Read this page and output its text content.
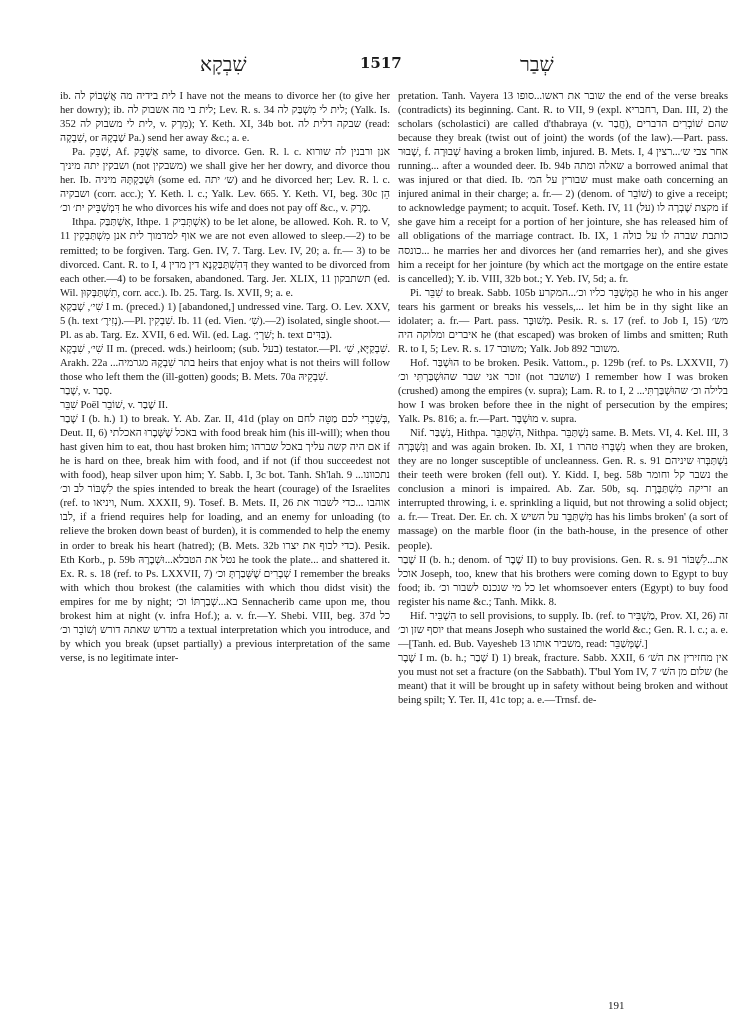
שִׁבְקָא	1517	שְׁבַר

ib. לית בידיה מה אֲשְׁבוֹק לה I have not the means to divorce her (to give her her dowry); ib. לית בי מה אשבוק לה; Lev. R. s. 34 לית לי מִשְׁבַּק לה; (Yalk. Is. 352 לית לי משבוק לה, v. מִרְק); Y. Keth. XI, 34b bot. שבקה דלית לה (read: שִׁבְקָה, or שַׁבְקָהּ Pa.) send her away &c.; a. e.

Pa. שַׁבֵּק, Af. אַשְׁבֵּק same, to divorce. Gen. R. l. c. אנן ורבנין לה שורוא ושבקין יתה מיניך (not משבקין) we shall give her her dowry, and divorce thou her. Ib. וּשְׁבַקְתָּהּ מיניה (some ed. ש׳ יתה) and he divorced her; Lev. R. l. c. ושבקיה (corr. acc.); Y. Keth. l. c.; Yalk. Lev. 665. Y. Keth. VI, beg. 30c הֵן דִּמְשַׁבֵּיק ית׳ וכ׳ he who divorces his wife and does not pay off &c., v. מֶרֶק.

Ithpa. אִשְׁתַּבַּק, Ithpe. אִשְׁתְּבִיק 1) to be let alone, be allowed. Koh. R. to V, 11 אוף למדמוך לית אנן מִשְׁתַּבְקִין we are not even allowed to sleep.—2) to be remitted; to be forgiven. Targ. Gen. IV, 7. Targ. Lev. IV, 20; a. fr.— 3) to be divorced. Cant. R. to I, 4 דְּהִשְׁתַּבַּקְנָא דין מדין they wanted to be divorced from each other.—4) to be forsaken, abandoned. Targ. Jer. XLIX, 11 תשתבקון (ed. Wil. תִשְׁתַּבְּקוּן, corr. acc.). Ib. 25. Targ. Is. XVII, 9; a. e.

שִׁי׳, שְׁבַקְאָ I m. (preced.) 1) [abandoned,] undressed vine. Targ. O. Lev. XXV, 5 (h. text נְזִירֶ׳).—Pl. שִׁבְקִין. Ib. 11 (ed. Vien. שִׁ׳).—2) isolated, single shoot.— Pl. as ab. Targ. Ez. XVII, 6 ed. Wil. (ed. Lag. שִׁרְיָ׳; h. text בַּדִּים).

שִׁי׳, שִׁבְקָא II m. (preced. wds.) heirloom; (sub. בעל) testator.—Pl. שִׁבְקַיָּא, שִׁ׳. Arakh. 22a ...בתר שִׁבְקָהּ מגרמיה heirs that enjoy what is not theirs will follow those who left them the (ill-gotten) goods; B. Mets. 70a שִׁבְקֵיהּ.

שָׁבַר, v. סָבַר.

שִׁבֵּר Poël שׁוֹבֵר, v. שָׁבַר II.

שָׁבַר I (b. h.) 1) to break. Y. Ab. Zar. II, 41d (play on בְּשִׁבְרִי לכם מַטֵּה לחם, Deut. II, 6) באכל שֶׁשְּׁבָרוּ האכלתי with food break him (his ill-will); when thou hast given him to eat, thou hast broken him; אם היה קשה עליך באכל שברהו if he is hard on thee, break him with food, and if not (if thou succeedest not with food), heap silver upon him; Y. Sabb. I, 3c bot. Tanh. Sh'lah. 9 ...נתכוונו לִשְׁבּוֹר לב וכ׳ the spies intended to break the heart (courage) of the Israelites (ref. to ויניאו, Num. XXXII, 9). Tosef. B. Mets. II, 26 אוהבו ...כדי לשבור את לבו, if a friend requires help for loading, and an enemy for unloading (to relieve the broken down beast of burden), it is commended to help the enemy in order to break his heart (hatred); (B. Mets. 32b כדי לכוף את יצרו). Pesik. Eth Korb., p. 59b נטל את הטבלא...וּשְׁבָרָהּ he took the plate... and shattered it. Ex. R. s. 18 (ref. to Ps. LXXVII, 7) שְׁבָרִים שֶׁשְּׁבַרְתָּ וכ׳ I remember the breaks with which thou brokest (the calamities with which thou didst visit) the empires for me by night; בא...שְׁבַרְתּוֹ וכ׳ Sennacherib came upon me, thou brokest him at night (v. infra Hof.); a. v. fr.—Y. Shebi. VIII, beg. 37d כל מדרש שאתה דורש וְשׁוֹבֵר וכ׳ a textual interpretation which you introduce, and by which you break (upset partially) a previous interpretation of the same verse, is no legitimate inter-

pretation. Tanh. Vayera 13 שובר את ראשו...סופו the end of the verse breaks (contradicts) its beginning. Cant. R. to VII, 9 (expl. רחבריא, Dan. III, 2) the scholars (scholastici) are called d'thabraya (v. חֲבַר), שהם שׁוֹבְרִים הדברים because they break (twist out of joint) the words (of the law).—Part. pass. שָׁבוּר, f. שְׁבוּרָה having a broken limb, injured. B. Mets. I, 4 אחר צבי ש׳...רצין running... after a wounded deer. Ib. 94b שאלה ומתה a borrowed animal that was injured or that died. Ib. שבורין על המ׳ must make oath concerning an injured animal in their charge; a. fr.— 2) (denom. of שׁוֹבֵר) to give a receipt; to acknowledge payment; to acquit. Tosef. Keth. IV, 11 (על) מקצת שָׁבְרָה לו if she gave him a receipt for a portion of her jointure, she has released him of all obligations of the marriage contract. Ib. IX, 1 כותבת שברה לו על כולה ...כונסה he marries her and divorces her (and remarries her), and she gives him a receipt for her jointure (by which act the mortgage on the entire estate is cancelled); Y. ib. VIII, 32b bot.; Y. Yeb. IV, 5d; a. fr.

Pi. שִׁבֵּר to break. Sabb. 105b הַמְשַׁבֵּר כליו וכ׳...המקרע he who in his anger tears his garment or breaks his vessels,... let him be in thy sight like an idolater; a. fr.— Part. pass. מְשׁוּבָּר. Pesik. R. s. 17 (ref. to Job I, 15) מש׳ איברים ומלוקה היה he (that escaped) was broken of limbs and smitten; Ruth R. to I, 5; Lev. R. s. 17 משובר; Yalk. Job 892 משובר.

Hof. הוּשְׁבַּר to be broken. Pesik. Vattom., p. 129b (ref. to Ps. LXXVII, 7) זוכר אני שבר שהוּשְׁבַּרְתִּי וכ׳ (not שושבר) I remember how I was broken (crushed) among the empires (v. supra); Lam. R. to I, 2 ...בלילה וכ׳ שהוּשְׁבַּרְתִּי how I was broken before thee in the night of persecution by the empires; Yalk. Ps. 816; a. fr.—Part. מוּשְׁבָּר v. supra.

Nif. נִשְׁבַּר, Hithpa. הִשְׁתַּבֵּר, Nithpa. נִשְׁתַּבֵּר same. B. Mets. VI, 4. Kel. III, 3 וְנִשְׁבְּרָה and was again broken. Ib. XI, 1 נִשְׁבְּרוּ טהרו when they are broken, they are no longer susceptible of uncleanness. Gen. R. s. 91 נִשְׁתַּבְּרוּ שיניהם their teeth were broken (fell out). Y. Kidd. I, beg. 58b נשבר קל וחומר the conclusion a minori is impaired. Ab. Zar. 50b, sq. זריקה מִשְׁתַּבֶּרֶת an interrupted throwing, i. e. sprinkling a liquid, but not throwing a solid object; a. fr.— Treat. Der. Er. ch. X מִשְׁתַּבֵּר על השיש has his limbs broken' (a sort of massage) on the marble floor (in the bath-house, in the presence of other people).

שָׁבַר II (b. h.; denom. of שֶׁבֶר II) to buy provisions. Gen. R. s. 91 את...לִשְׁבּוֹר אוכל Joseph, too, knew that his brothers were coming down to Egypt to buy food; ib. כל מי שנכנס לשבור וכ׳ let whomsoever enters (Egypt) to buy food register his name &c.; Tanh. Mikk. 8.

Hif. הִשְׁבִּיר to sell provisions, to supply. Ib. (ref. to מַשְׁבִּיר, Prov. XI, 26) זה יוסף שזן וכ׳ that means Joseph who sustained the world &c.; Gen. R. l. c.; a. e.—[Tanh. ed. Bub. Vayesheb 13 משביר אותו, read: שֶׁמְּשַׁבֵּר.]

שֶׁבֶר I m. (b. h.; שָׁבַר I) 1) break, fracture. Sabb. XXII, 6 אין מחזירין את השׁ׳ you must not set a fracture (on the Sabbath). T'bul Yom IV, 7 שלום מן השׁ׳ (he meant) that it will be brought up in safety without being broken and without being spilt; Y. Ter. II, 41c top; a. e.—Trnsf. de-

191
